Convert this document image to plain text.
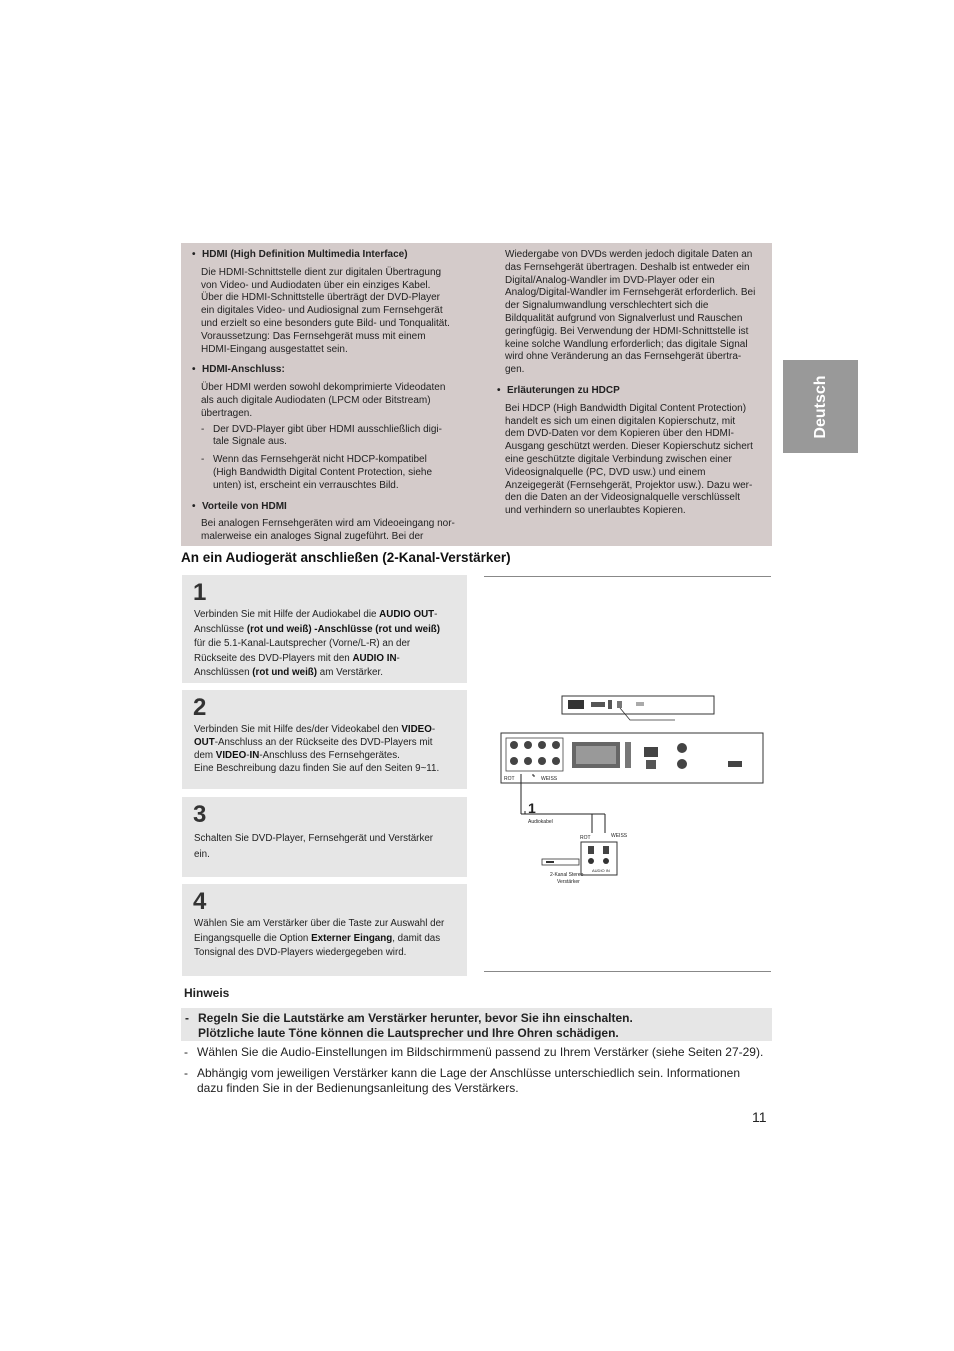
• HDMI (High Definition Multimedia Interface)

Die HDMI-Schnittstelle dient zur digitalen Übertragung
von Video- und Audiodaten über ein einziges Kabel.
Über die HDMI-Schnittstelle überträgt der DVD-Player
ein digitales Video- und Audiosignal zum Fernsehgerät
und erzielt so eine besonders gute Bild- und Tonqualität.
Voraussetzung: Das Fernsehgerät muss mit einem
HDMI-Eingang ausgestattet sein.

• HDMI-Anschluss:

Über HDMI werden sowohl dekomprimierte Videodaten
als auch digitale Audiodaten (LPCM oder Bitstream)
übertragen.
- Der DVD-Player gibt über HDMI ausschließlich digi-
tale Signale aus.
- Wenn das Fernsehgerät nicht HDCP-kompatibel
(High Bandwidth Digital Content Protection, siehe
unten) ist, erscheint ein verrauschtes Bild.

• Vorteile von HDMI

Bei analogen Fernsehgeräten wird am Videoeingang nor-
malerweise ein analoges Signal zugeführt. Bei der
Wiedergabe von DVDs werden jedoch digitale Daten an
das Fernsehgerät übertragen. Deshalb ist entweder ein
Digital/Analog-Wandler im DVD-Player oder ein
Analog/Digital-Wandler im Fernsehgerät erforderlich. Bei
der Signalumwandlung verschlechtert sich die
Bildqualität aufgrund von Signalverlust und Rauschen
geringfügig. Bei Verwendung der HDMI-Schnittstelle ist
keine solche Wandlung erforderlich; das digitale Signal
wird ohne Veränderung an das Fernsehgerät übertra-
gen.

• Erläuterungen zu HDCP

Bei HDCP (High Bandwidth Digital Content Protection)
handelt es sich um einen digitalen Kopierschutz, mit
dem DVD-Daten vor dem Kopieren über den HDMI-
Ausgang geschützt werden. Dieser Kopierschutz sichert
eine geschützte digitale Verbindung zwischen einer
Videosignalquelle (PC, DVD usw.) und einem
Anzeigegerät (Fernsehgerät, Projektor usw.). Dazu wer-
den die Daten an der Videosignalquelle verschlüsselt
und verhindern so unerlaubtes Kopieren.
Deutsch
An ein Audiogerät anschließen (2-Kanal-Verstärker)
1
Verbinden Sie mit Hilfe der Audiokabel die AUDIO OUT-
Anschlüsse (rot und weiß) -Anschlüsse (rot und weiß)
für die 5.1-Kanal-Lautsprecher (Vorne/L-R) an der
Rückseite des DVD-Players mit den AUDIO IN-
Anschlüssen (rot und weiß) am Verstärker.
2
Verbinden Sie mit Hilfe des/der Videokabel den VIDEO-
OUT-Anschluss an der Rückseite des DVD-Players mit
dem VIDEO-IN-Anschluss des Fernsehgerätes.
Eine Beschreibung dazu finden Sie auf den Seiten 9~11.
3
Schalten Sie DVD-Player, Fernsehgerät und Verstärker
ein.
4
Wählen Sie am Verstärker über die Taste zur Auswahl der
Eingangsquelle die Option Externer Eingang, damit das
Tonsignal des DVD-Players wiedergegeben wird.
ROT	WEISS
1
Audiokabel
ROT	WEISS
AUDIO IN
2-Kanal Stereo-
Verstärker
Hinweis

- Regeln Sie die Lautstärke am Verstärker herunter, bevor Sie ihn einschalten.
Plötzliche laute Töne können die Lautsprecher und Ihre Ohren schädigen.

- Wählen Sie die Audio-Einstellungen im Bildschirmmenü passend zu Ihrem Verstärker (siehe Seiten 27-29).
- Abhängig vom jeweiligen Verstärker kann die Lage der Anschlüsse unterschiedlich sein. Informationen
dazu finden Sie in der Bedienungsanleitung des Verstärkers.
11
